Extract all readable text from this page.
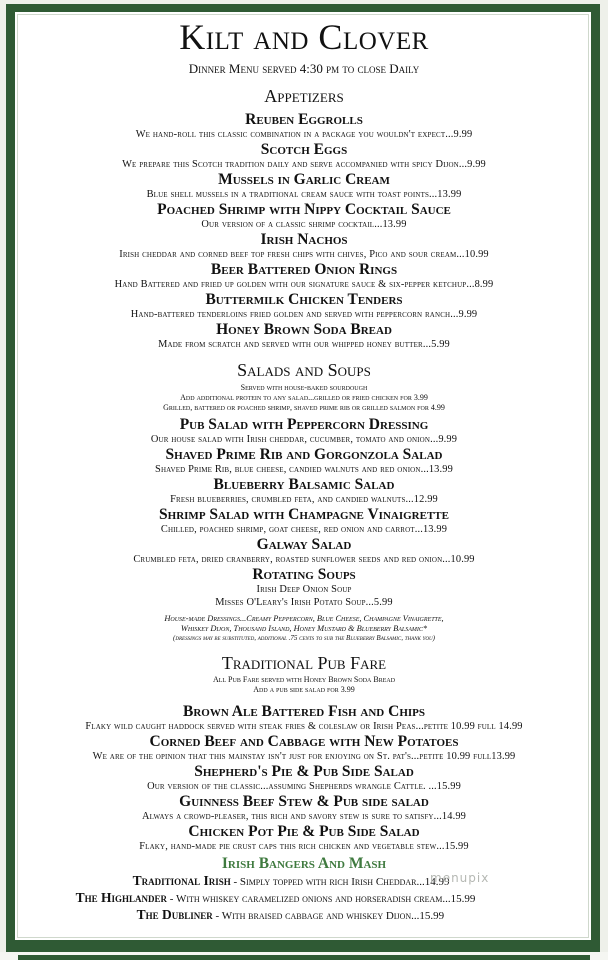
Kilt and Clover
Dinner Menu served 4:30 pm to close Daily
Appetizers
Reuben Eggrolls
We hand-roll this classic combination in a package you wouldn't expect...9.99
Scotch Eggs
We prepare this Scotch tradition daily and serve accompanied with spicy Dijon...9.99
Mussels in Garlic Cream
Blue shell mussels in a traditional cream sauce with toast points...13.99
Poached Shrimp with Nippy Cocktail Sauce
Our version of a classic shrimp cocktail...13.99
Irish Nachos
Irish cheddar and corned beef top fresh chips with chives, Pico and sour cream...10.99
Beer Battered Onion Rings
Hand Battered and fried up golden with our signature sauce & six-pepper ketchup...8.99
Buttermilk Chicken Tenders
Hand-battered tenderloins fried golden and served with peppercorn ranch...9.99
Honey Brown Soda Bread
Made from scratch and served with our whipped honey butter...5.99
Salads and Soups
Served with house-baked sourdough
Add additional protein to any salad...grilled or fried chicken for 3.99
Grilled, battered or poached shrimp, shaved prime rib or grilled salmon for 4.99
Pub Salad with Peppercorn Dressing
Our house salad with Irish cheddar, cucumber, tomato and onion...9.99
Shaved Prime Rib and Gorgonzola Salad
Shaved Prime Rib, blue cheese, candied walnuts and red onion...13.99
Blueberry Balsamic Salad
Fresh blueberries, crumbled feta, and candied walnuts...12.99
Shrimp Salad with Champagne Vinaigrette
Chilled, poached shrimp, goat cheese, red onion and carrot...13.99
Galway Salad
Crumbled feta, dried cranberry, roasted sunflower seeds and red onion...10.99
Rotating Soups
Irish Deep Onion Soup
Misses O'Leary's Irish Potato Soup...5.99
House-made Dressings...Creamy Peppercorn, Blue Cheese, Champagne Vinaigrette,
Whiskey Dijon, Thousand Island, Honey Mustard & Blueberry Balsamic*
(dressings may be substituted, additional .75 cents to sub the Blueberry Balsamic, thank you)
Traditional Pub Fare
All Pub Fare served with Honey Brown Soda Bread
Add a pub side salad for 3.99
Brown Ale Battered Fish and Chips
Flaky wild caught haddock served with steak fries & coleslaw or Irish Peas...petite 10.99 full 14.99
Corned Beef and Cabbage with New Potatoes
We are of the opinion that this mainstay isn't just for enjoying on St. pat's...petite 10.99 full13.99
Shepherd's Pie & Pub Side Salad
Our version of the classic...assuming Shepherds wrangle Cattle. ...15.99
Guinness Beef Stew & Pub side salad
Always a crowd-pleaser, this rich and savory stew is sure to satisfy...14.99
Chicken Pot Pie & Pub Side Salad
Flaky, hand-made pie crust caps this rich chicken and vegetable stew...15.99
Irish Bangers And Mash
Traditional Irish - Simply topped with rich Irish Cheddar...14.99
The Highlander - With whiskey caramelized onions and horseradish cream...15.99
The Dubliner - With braised cabbage and whiskey Dijon...15.99
menupix
